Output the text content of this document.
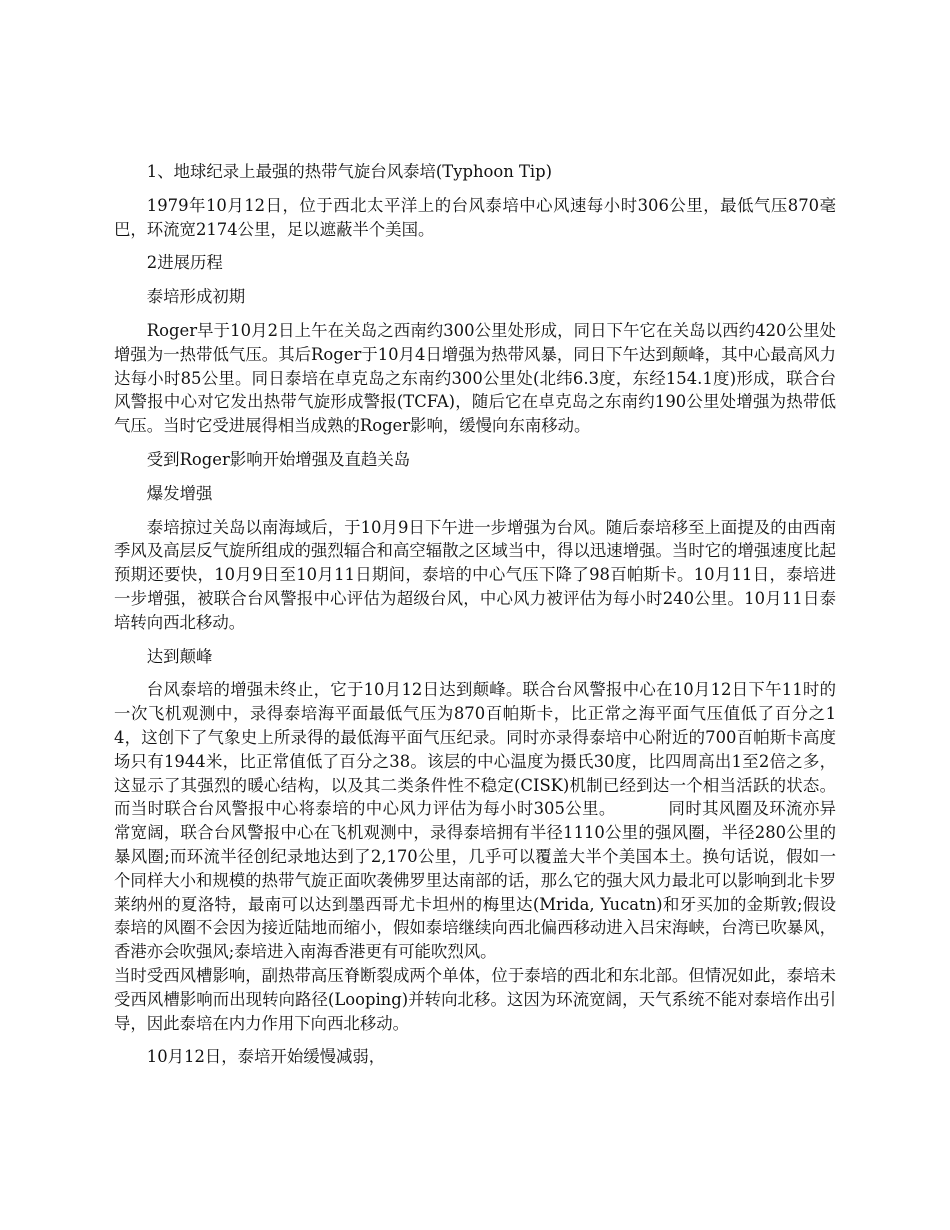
1、地球纪录上最强的热带气旋台风泰培(Typhoon Tip)

1979年10月12日，位于西北太平洋上的台风泰培中心风速每小时306公里，最低气压870毫巴，环流宽2174公里，足以遮蔽半个美国。

2进展历程

泰培形成初期

Roger早于10月2日上午在关岛之西南约300公里处形成，同日下午它在关岛以西约420公里处增强为一热带低气压。其后Roger于10月4日增强为热带风暴，同日下午达到颠峰，其中心最高风力达每小时85公里。同日泰培在卓克岛之东南约300公里处(北纬6.3度，东经154.1度)形成，联合台风警报中心对它发出热带气旋形成警报(TCFA)，随后它在卓克岛之东南约190公里处增强为热带低气压。当时它受进展得相当成熟的Roger影响，缓慢向东南移动。

受到Roger影响开始增强及直趋关岛

爆发增强

泰培掠过关岛以南海域后，于10月9日下午进一步增强为台风。随后泰培移至上面提及的由西南季风及高层反气旋所组成的强烈辐合和高空辐散之区域当中，得以迅速增强。当时它的增强速度比起预期还要快，10月9日至10月11日期间，泰培的中心气压下降了98百帕斯卡。10月11日，泰培进一步增强，被联合台风警报中心评估为超级台风，中心风力被评估为每小时240公里。10月11日泰培转向西北移动。

达到颠峰

台风泰培的增强未终止，它于10月12日达到颠峰。联合台风警报中心在10月12日下午11时的一次飞机观测中，录得泰培海平面最低气压为870百帕斯卡，比正常之海平面气压值低了百分之14，这创下了气象史上所录得的最低海平面气压纪录。同时亦录得泰培中心附近的700百帕斯卡高度场只有1944米，比正常值低了百分之38。该层的中心温度为摄氏30度，比四周高出1至2倍之多，这显示了其强烈的暖心结构，以及其二类条件性不稳定(CISK)机制已经到达一个相当活跃的状态。而当时联合台风警报中心将泰培的中心风力评估为每小时305公里。	同时其风圈及环流亦异常宽阔，联合台风警报中心在飞机观测中，录得泰培拥有半径1110公里的强风圈，半径280公里的暴风圈;而环流半径创纪录地达到了2,170公里，几乎可以覆盖大半个美国本土。换句话说，假如一个同样大小和规模的热带气旋正面吹袭佛罗里达南部的话，那么它的强大风力最北可以影响到北卡罗莱纳州的夏洛特，最南可以达到墨西哥尤卡坦州的梅里达(Mrida, Yucatn)和牙买加的金斯敦;假设泰培的风圈不会因为接近陆地而缩小，假如泰培继续向西北偏西移动进入吕宋海峡，台湾已吹暴风，香港亦会吹强风;泰培进入南海香港更有可能吹烈风。

当时受西风槽影响，副热带高压脊断裂成两个单体，位于泰培的西北和东北部。但情况如此，泰培未受西风槽影响而出现转向路径(Looping)并转向北移。这因为环流宽阔，天气系统不能对泰培作出引导，因此泰培在内力作用下向西北移动。

10月12日，泰培开始缓慢减弱，
